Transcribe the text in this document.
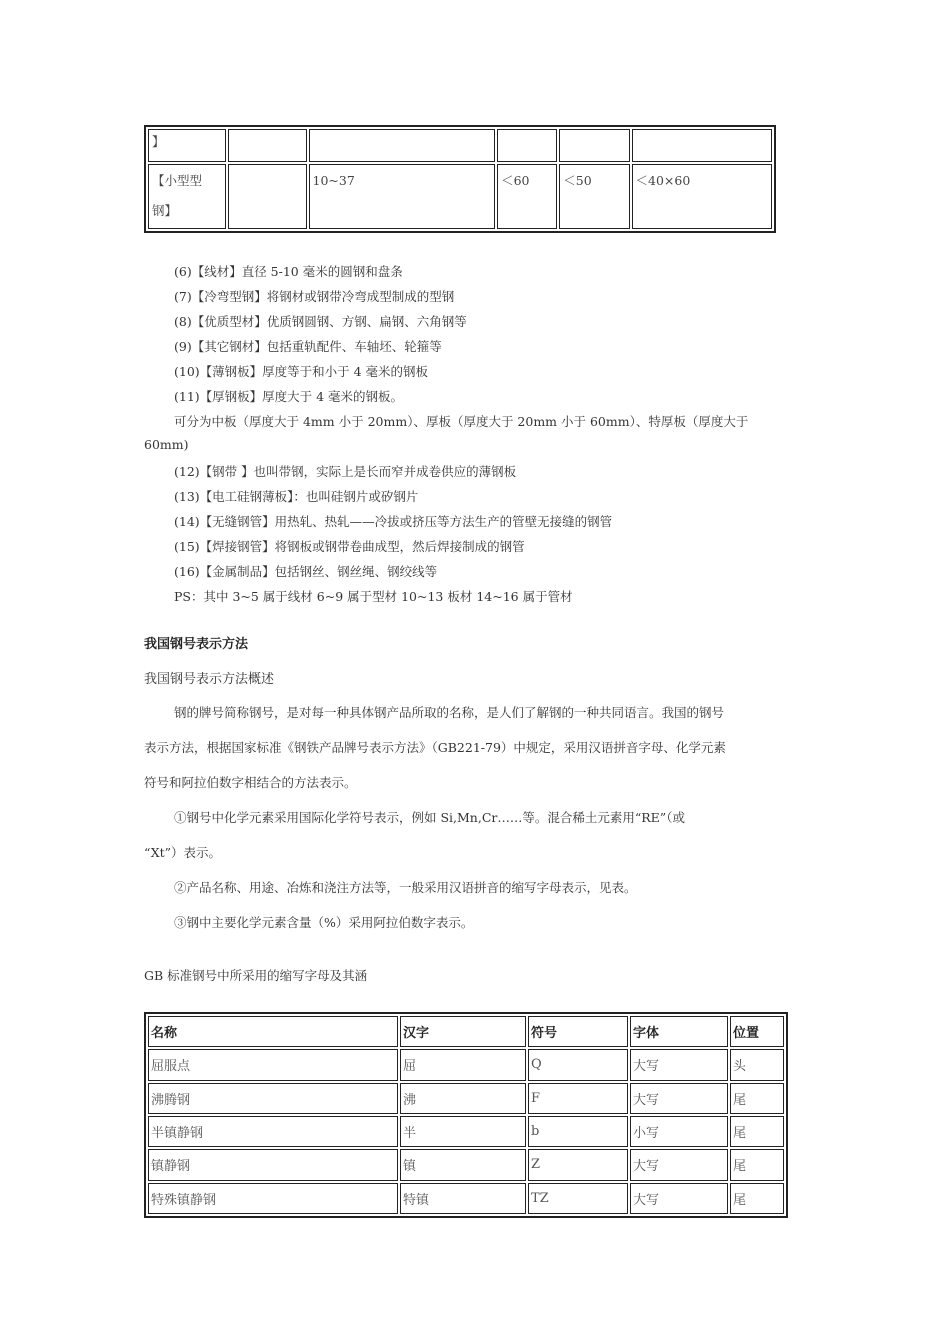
】					
【小型型
钢】		10~37	＜60	＜50	＜40×60
(6)【线材】直径 5-10 毫米的圆钢和盘条
(7)【冷弯型钢】将钢材或钢带冷弯成型制成的型钢
(8)【优质型材】优质钢圆钢、方钢、扁钢、六角钢等
(9)【其它钢材】包括重轨配件、车轴坯、轮箍等
(10)【薄钢板】厚度等于和小于 4 毫米的钢板
(11)【厚钢板】厚度大于 4 毫米的钢板。
可分为中板（厚度大于 4mm 小于 20mm）、厚板（厚度大于 20mm 小于 60mm）、特厚板（厚度大于
60mm)
(12)【钢带 】也叫带钢，实际上是长而窄并成卷供应的薄钢板
(13)【电工硅钢薄板】：也叫硅钢片或矽钢片
(14)【无缝钢管】用热轧、热轧——冷拔或挤压等方法生产的管壁无接缝的钢管
(15)【焊接钢管】将钢板或钢带卷曲成型，然后焊接制成的钢管
(16)【金属制品】包括钢丝、钢丝绳、钢绞线等
PS：其中 3~5 属于线材 6~9 属于型材 10~13 板材 14~16 属于管材
我国钢号表示方法
我国钢号表示方法概述
钢的牌号简称钢号，是对每一种具体钢产品所取的名称，是人们了解钢的一种共同语言。我国的钢号
表示方法，根据国家标准《钢铁产品牌号表示方法》（GB221-79）中规定，采用汉语拼音字母、化学元素
符号和阿拉伯数字相结合的方法表示。
①钢号中化学元素采用国际化学符号表示，例如 Si,Mn,Cr……等。混合稀土元素用“RE”（或
“Xt”）表示。
②产品名称、用途、冶炼和浇注方法等，一般采用汉语拼音的缩写字母表示，见表。
③钢中主要化学元素含量（%）采用阿拉伯数字表示。
GB 标准钢号中所采用的缩写字母及其涵
名称	汉字	符号	字体	位置
屈服点	屈	Q	大写	头
沸腾钢	沸	F	大写	尾
半镇静钢	半	b	小写	尾
镇静钢	镇	Z	大写	尾
特殊镇静钢	特镇	TZ	大写	尾
